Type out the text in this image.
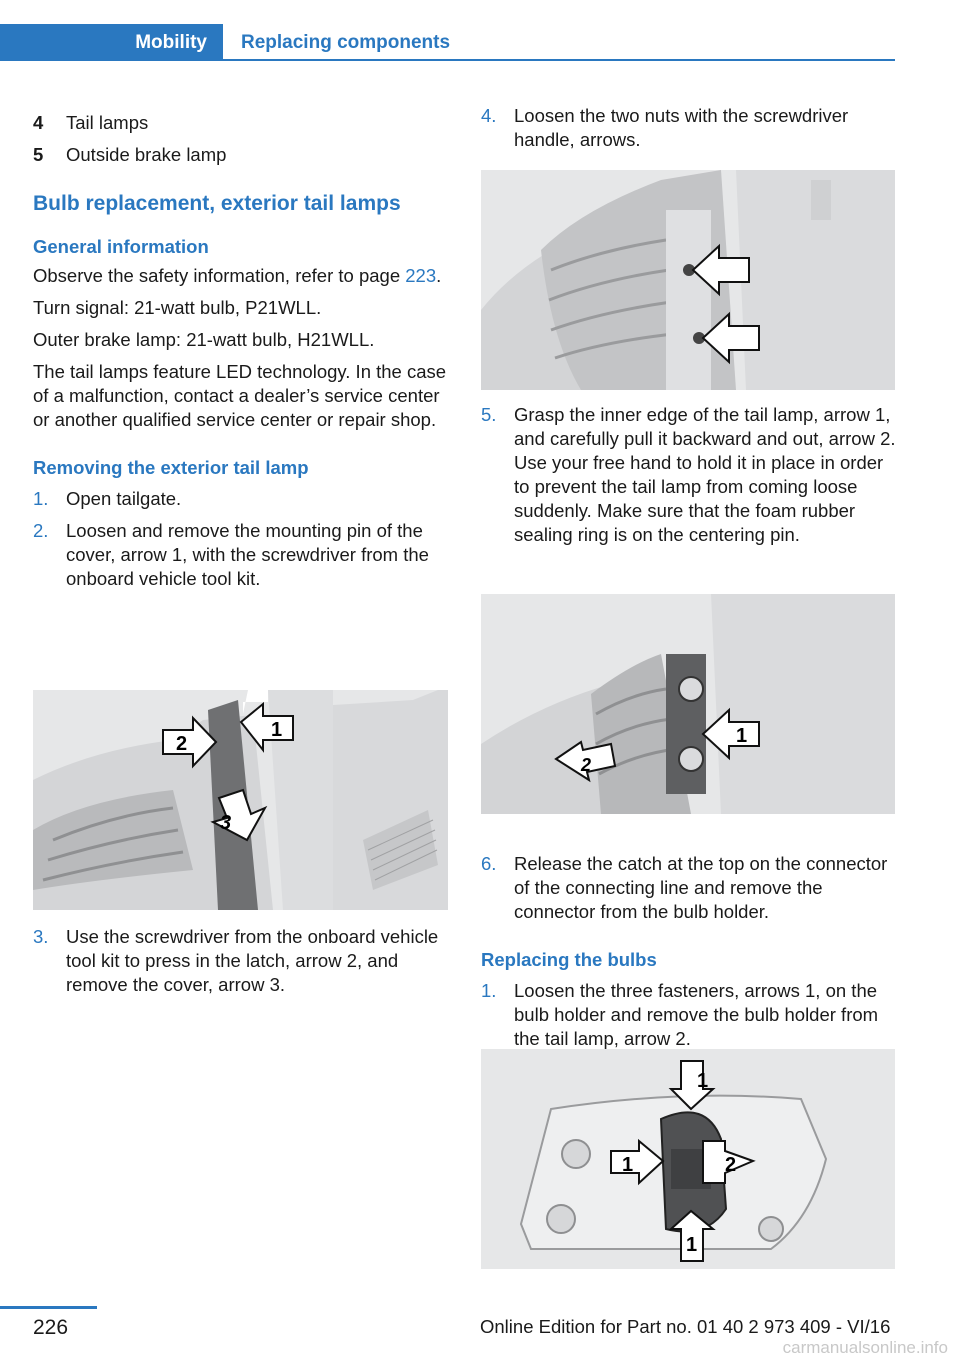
Mobility	Replacing components
4	Tail lamps
5	Outside brake lamp
Bulb replacement, exterior tail lamps
General information
Observe the safety information, refer to page 223.
Turn signal: 21-watt bulb, P21WLL.
Outer brake lamp: 21-watt bulb, H21WLL.
The tail lamps feature LED technology. In the case of a malfunction, contact a dealer’s service center or another qualified service center or repair shop.
Removing the exterior tail lamp
1. Open tailgate.
2. Loosen and remove the mounting pin of the cover, arrow 1, with the screwdriver from the onboard vehicle tool kit.
2
1
3
3. Use the screwdriver from the onboard vehicle tool kit to press in the latch, arrow 2, and remove the cover, arrow 3.
4. Loosen the two nuts with the screwdriver handle, arrows.
5. Grasp the inner edge of the tail lamp, arrow 1, and carefully pull it backward and out, arrow 2. Use your free hand to hold it in place in order to prevent the tail lamp from coming loose suddenly. Make sure that the foam rubber sealing ring is on the centering pin.
1
2
6. Release the catch at the top on the connector of the connecting line and remove the connector from the bulb holder.
Replacing the bulbs
1. Loosen the three fasteners, arrows 1, on the bulb holder and remove the bulb holder from the tail lamp, arrow 2.
1
1	2
1
226	Online Edition for Part no. 01 40 2 973 409 - VI/16
carmanualsonline.info
